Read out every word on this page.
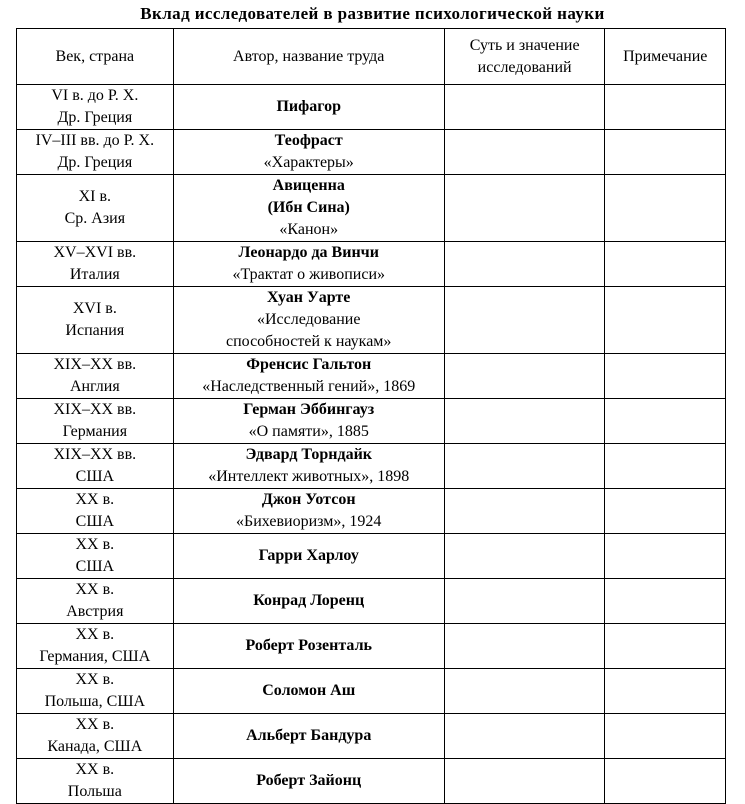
Вклад исследователей в развитие психологической науки
Век, страна	Автор, название труда	Суть и значение исследований	Примечание

VI в. до Р. Х.
Др. Греция	Пифагор		

IV–III вв. до Р. Х.
Др. Греция	Теофраст
«Характеры»		

XI в.
Ср. Азия	Авиценна
(Ибн Сина)
«Канон»		

XV–XVI вв.
Италия	Леонардо да Винчи
«Трактат о живописи»		

XVI в.
Испания	Хуан Уарте
«Исследование способностей к наукам»		

XIX–XX вв.
Англия	Френсис Гальтон
«Наследственный гений», 1869		

XIX–XX вв.
Германия	Герман Эббингауз
«О памяти», 1885		

XIX–XX вв.
США	Эдвард Торндайк
«Интеллект животных», 1898		

XX в.
США	Джон Уотсон
«Бихевиоризм», 1924		

XX в.
США	Гарри Харлоу		

XX в.
Австрия	Конрад Лоренц		

XX в.
Германия, США	Роберт Розенталь		

XX в.
Польша, США	Соломон Аш		

XX в.
Канада, США	Альберт Бандура		

XX в.
Польша	Роберт Зайонц		
